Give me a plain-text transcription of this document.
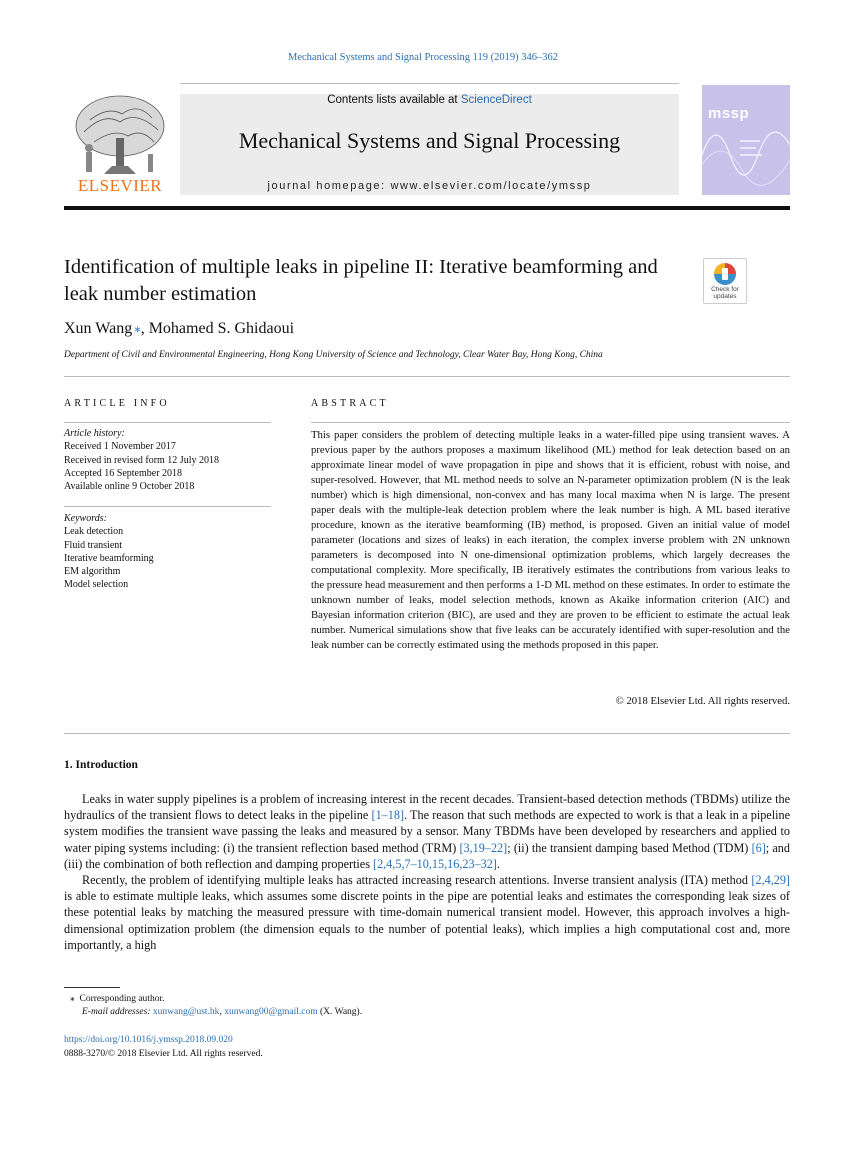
Mechanical Systems and Signal Processing 119 (2019) 346–362
ELSEVIER
Contents lists available at ScienceDirect
Mechanical Systems and Signal Processing
journal homepage: www.elsevier.com/locate/ymssp
mssp
Identification of multiple leaks in pipeline II: Iterative beamforming and leak number estimation	Check for updates
Xun Wang ⁎, Mohamed S. Ghidaoui
Department of Civil and Environmental Engineering, Hong Kong University of Science and Technology, Clear Water Bay, Hong Kong, China
ARTICLE INFO	ABSTRACT
Article history:
Received 1 November 2017
Received in revised form 12 July 2018
Accepted 16 September 2018
Available online 9 October 2018
Keywords:
Leak detection
Fluid transient
Iterative beamforming
EM algorithm
Model selection
This paper considers the problem of detecting multiple leaks in a water-filled pipe using transient waves. A previous paper by the authors proposes a maximum likelihood (ML) method for leak detection based on an approximate linear model of wave propagation in pipe and shows that it is efficient, robust with noise, and super-resolved. However, that ML method needs to solve an N-parameter optimization problem (N is the leak number) which is high dimensional, non-convex and has many local maxima when N is large. The present paper deals with the multiple-leak detection problem where the leak number is high. A ML based iterative procedure, known as the iterative beamforming (IB) method, is proposed. Given an initial value of model parameter (locations and sizes of leaks) in each iteration, the complex inverse problem with 2N unknown parameters is decomposed into N one-dimensional optimization problems, which largely decreases the computational complexity. More specifically, IB iteratively estimates the contributions from various leaks to the pressure head measurement and then performs a 1-D ML method on these estimates. In order to estimate the unknown number of leaks, model selection methods, known as Akaike information criterion (AIC) and Bayesian information criterion (BIC), are used and they are proven to be efficient to estimate the actual leak number. Numerical simulations show that five leaks can be accurately identified with super-resolution and the leak number can be correctly estimated using the methods proposed in this paper.
© 2018 Elsevier Ltd. All rights reserved.
1. Introduction

Leaks in water supply pipelines is a problem of increasing interest in the recent decades. Transient-based detection methods (TBDMs) utilize the hydraulics of the transient flows to detect leaks in the pipeline [1–18]. The reason that such methods are expected to work is that a leak in a pipeline system modifies the transient wave passing the leaks and measured by a sensor. Many TBDMs have been developed by researchers and applied to water piping systems including: (i) the transient reflection based method (TRM) [3,19–22]; (ii) the transient damping based Method (TDM) [6]; and (iii) the combination of both reflection and damping properties [2,4,5,7–10,15,16,23–32].

Recently, the problem of identifying multiple leaks has attracted increasing research attentions. Inverse transient analysis (ITA) method [2,4,29] is able to estimate multiple leaks, which assumes some discrete points in the pipe are potential leaks and estimates the corresponding leak sizes of these potential leaks by matching the measured pressure with time-domain numerical transient model. However, this approach involves a high-dimensional optimization problem (the dimension equals to the number of potential leaks), which implies a high computational cost and, more importantly, a high

⁎ Corresponding author.
E-mail addresses: xunwang@ust.hk, xunwang00@gmail.com (X. Wang).
https://doi.org/10.1016/j.ymssp.2018.09.020
0888-3270/© 2018 Elsevier Ltd. All rights reserved.
